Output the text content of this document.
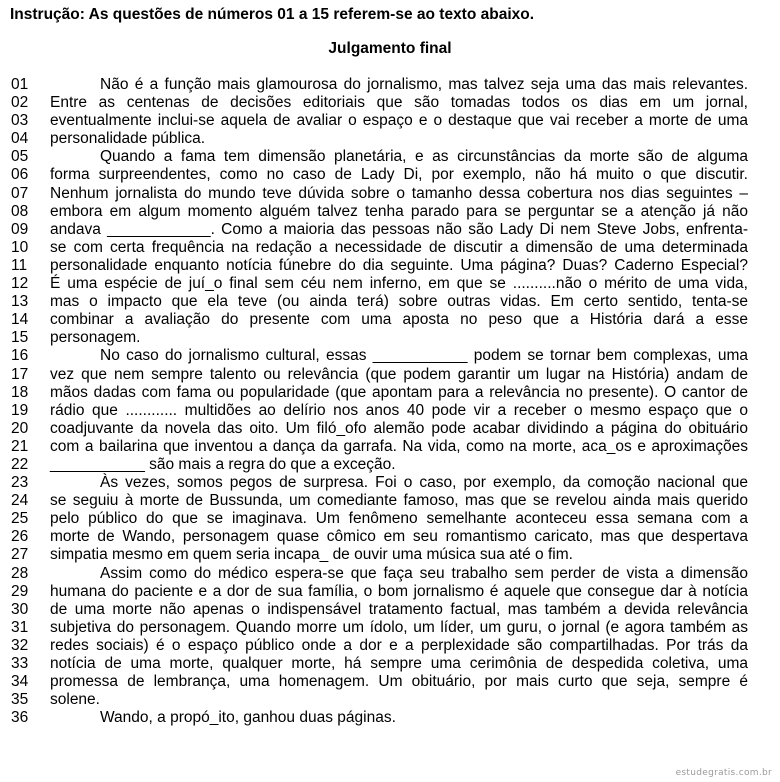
Instrução: As questões de números 01 a 15 referem-se ao texto abaixo.
Julgamento final
01	Não é a função mais glamourosa do jornalismo, mas talvez seja uma das mais relevantes.
02 Entre as centenas de decisões editoriais que são tomadas todos os dias em um jornal,
03 eventualmente inclui-se aquela de avaliar o espaço e o destaque que vai receber a morte de uma
04 personalidade pública.
05	Quando a fama tem dimensão planetária, e as circunstâncias da morte são de alguma
06 forma surpreendentes, como no caso de Lady Di, por exemplo, não há muito o que discutir.
07 Nenhum jornalista do mundo teve dúvida sobre o tamanho dessa cobertura nos dias seguintes –
08 embora em algum momento alguém talvez tenha parado para se perguntar se a atenção já não
09 andava ____________. Como a maioria das pessoas não são Lady Di nem Steve Jobs, enfrenta-
10 se com certa frequência na redação a necessidade de discutir a dimensão de uma determinada
11 personalidade enquanto notícia fúnebre do dia seguinte. Uma página? Duas? Caderno Especial?
12 É uma espécie de juí_o final sem céu nem inferno, em que se ..........não o mérito de uma vida,
13 mas o impacto que ela teve (ou ainda terá) sobre outras vidas. Em certo sentido, tenta-se
14 combinar a avaliação do presente com uma aposta no peso que a História dará a esse
15 personagem.
16	No caso do jornalismo cultural, essas ___________ podem se tornar bem complexas, uma
17 vez que nem sempre talento ou relevância (que podem garantir um lugar na História) andam de
18 mãos dadas com fama ou popularidade (que apontam para a relevância no presente). O cantor de
19 rádio que ............ multidões ao delírio nos anos 40 pode vir a receber o mesmo espaço que o
20 coadjuvante da novela das oito. Um filó_ofo alemão pode acabar dividindo a página do obituário
21 com a bailarina que inventou a dança da garrafa. Na vida, como na morte, aca_os e aproximações
22 ___________ são mais a regra do que a exceção.
23	Às vezes, somos pegos de surpresa. Foi o caso, por exemplo, da comoção nacional que
24 se seguiu à morte de Bussunda, um comediante famoso, mas que se revelou ainda mais querido
25 pelo público do que se imaginava. Um fenômeno semelhante aconteceu essa semana com a
26 morte de Wando, personagem quase cômico em seu romantismo caricato, mas que despertava
27 simpatia mesmo em quem seria incapa_ de ouvir uma música sua até o fim.
28	Assim como do médico espera-se que faça seu trabalho sem perder de vista a dimensão
29 humana do paciente e a dor de sua família, o bom jornalismo é aquele que consegue dar à notícia
30 de uma morte não apenas o indispensável tratamento factual, mas também a devida relevância
31 subjetiva do personagem. Quando morre um ídolo, um líder, um guru, o jornal (e agora também as
32 redes sociais) é o espaço público onde a dor e a perplexidade são compartilhadas. Por trás da
33 notícia de uma morte, qualquer morte, há sempre uma cerimônia de despedida coletiva, uma
34 promessa de lembrança, uma homenagem. Um obituário, por mais curto que seja, sempre é
35 solene.
36	Wando, a propó_ito, ganhou duas páginas.
estudegratis.com.br
